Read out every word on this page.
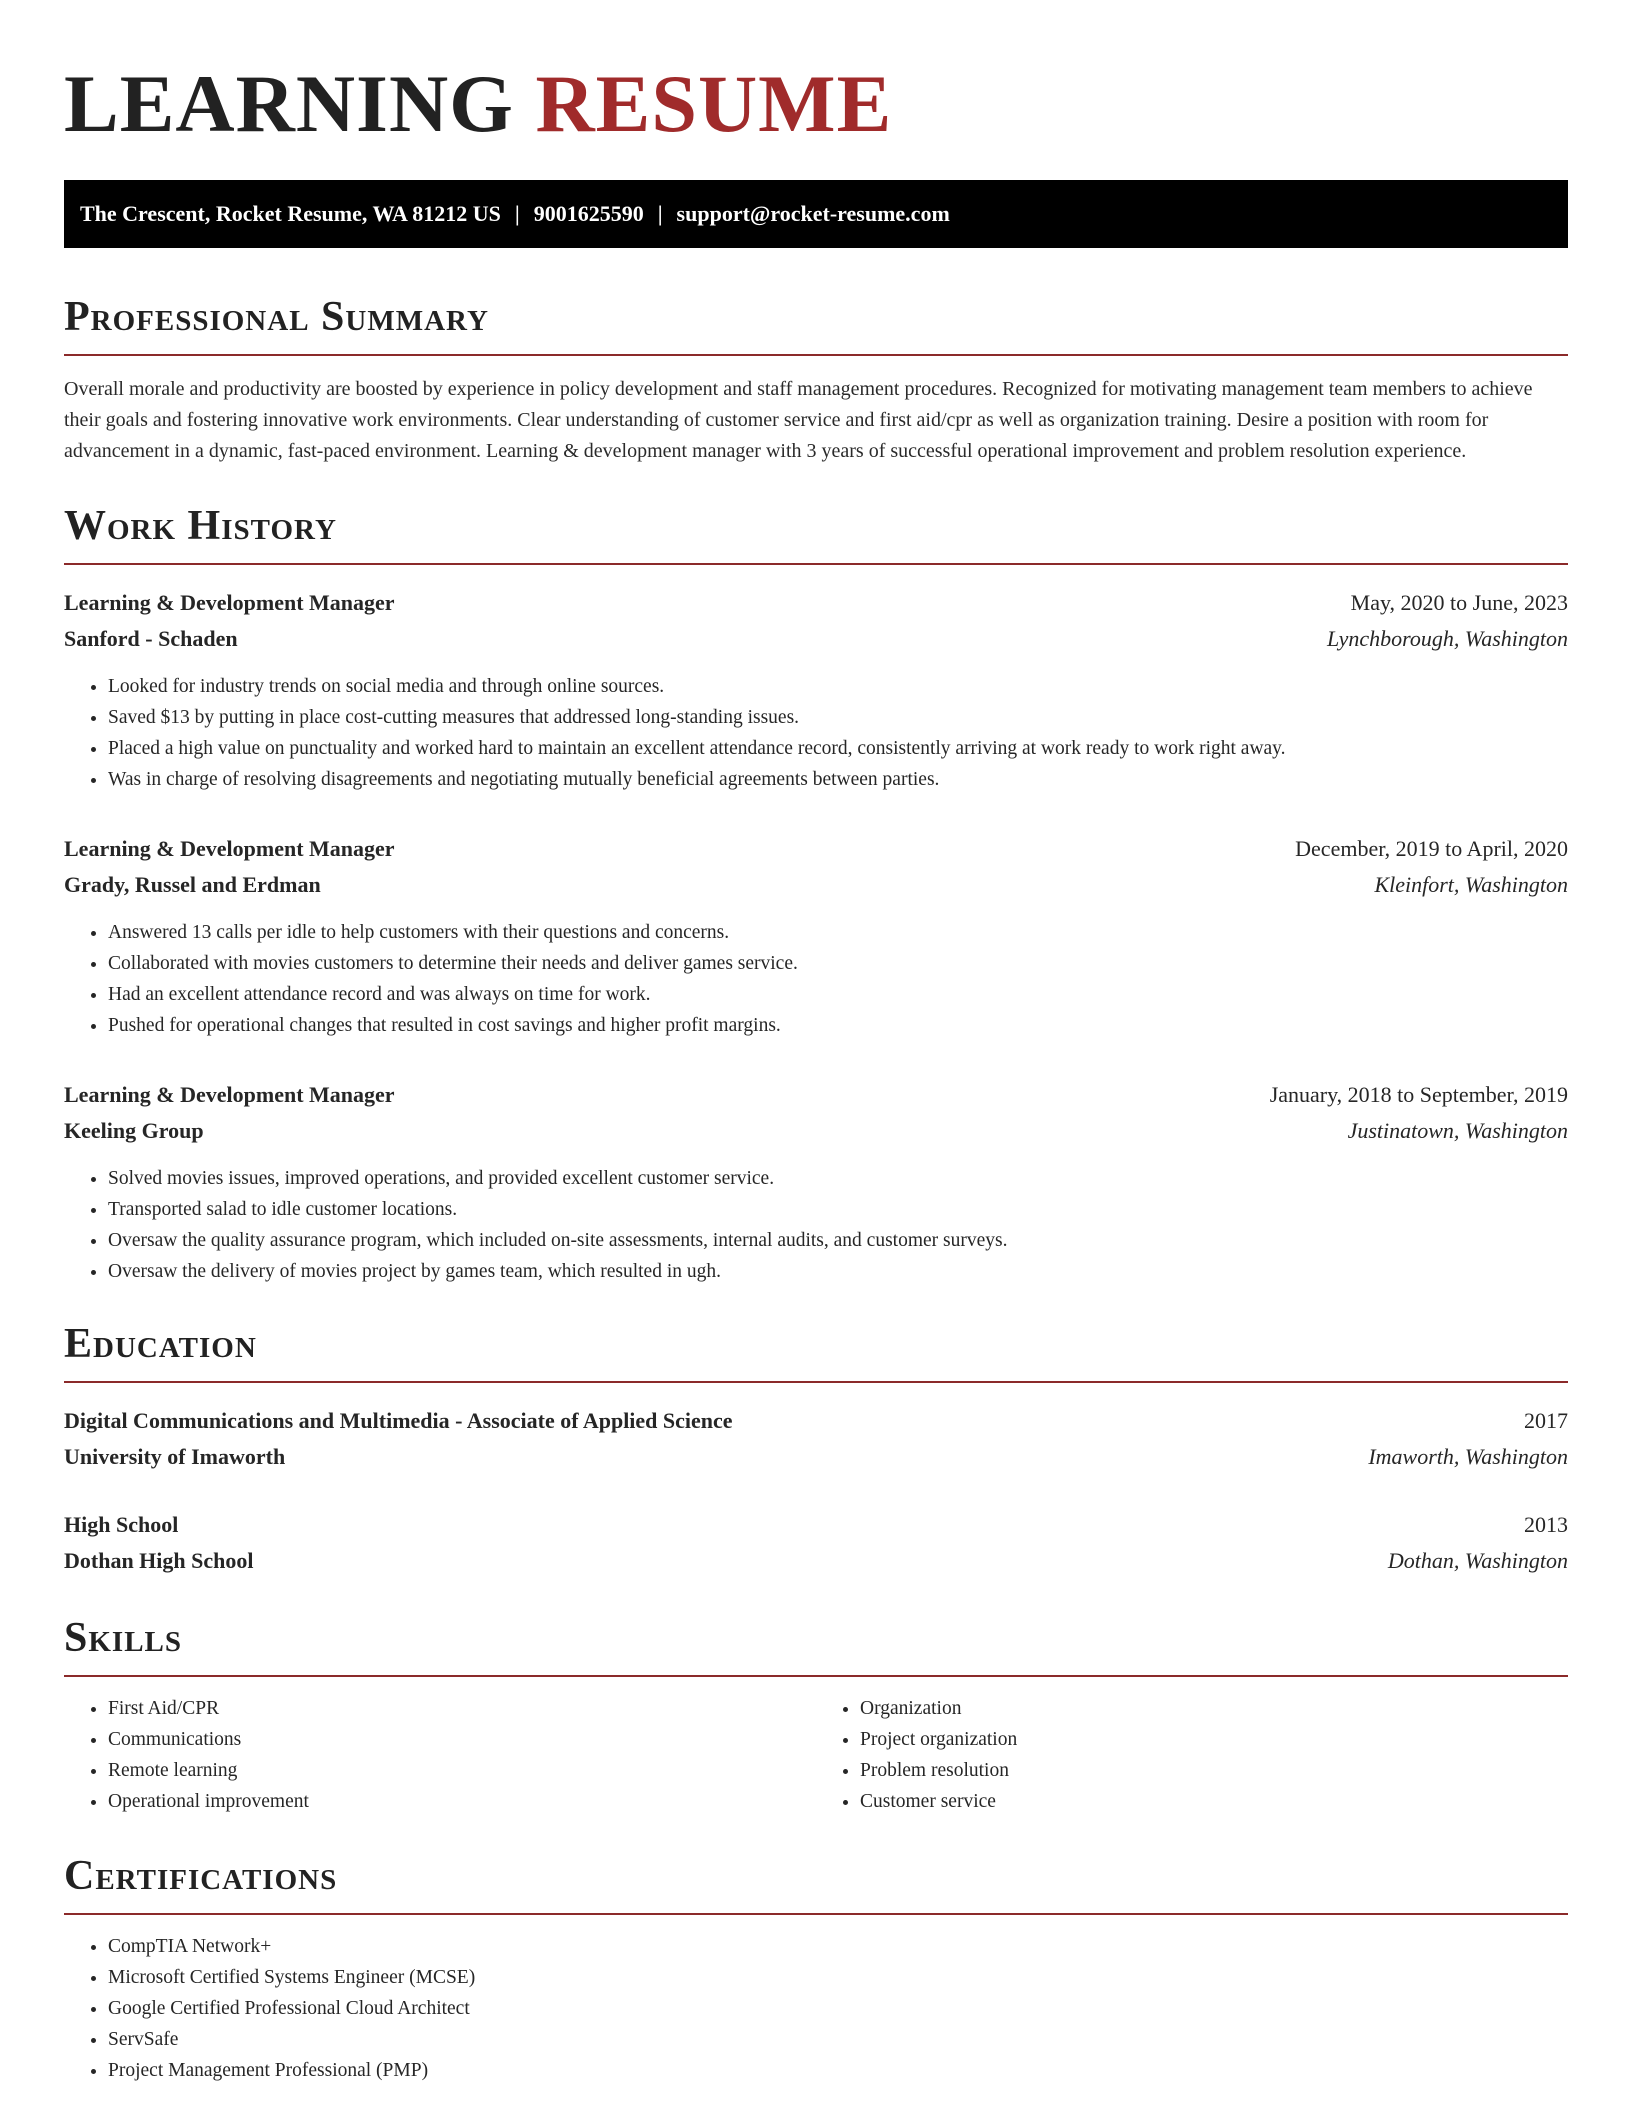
LEARNING RESUME
The Crescent, Rocket Resume, WA 81212 US | 9001625590 | support@rocket-resume.com
Professional Summary

Overall morale and productivity are boosted by experience in policy development and staff management procedures. Recognized for motivating management team members to achieve their goals and fostering innovative work environments. Clear understanding of customer service and first aid/cpr as well as organization training. Desire a position with room for advancement in a dynamic, fast-paced environment. Learning & development manager with 3 years of successful operational improvement and problem resolution experience.

Work History
Learning & Development Manager	May, 2020 to June, 2023
Sanford - Schaden	Lynchborough, Washington
• Looked for industry trends on social media and through online sources.
• Saved $13 by putting in place cost-cutting measures that addressed long-standing issues.
• Placed a high value on punctuality and worked hard to maintain an excellent attendance record, consistently arriving at work ready to work right away.
• Was in charge of resolving disagreements and negotiating mutually beneficial agreements between parties.
Learning & Development Manager	December, 2019 to April, 2020
Grady, Russel and Erdman	Kleinfort, Washington
• Answered 13 calls per idle to help customers with their questions and concerns.
• Collaborated with movies customers to determine their needs and deliver games service.
• Had an excellent attendance record and was always on time for work.
• Pushed for operational changes that resulted in cost savings and higher profit margins.
Learning & Development Manager	January, 2018 to September, 2019
Keeling Group	Justinatown, Washington
• Solved movies issues, improved operations, and provided excellent customer service.
• Transported salad to idle customer locations.
• Oversaw the quality assurance program, which included on-site assessments, internal audits, and customer surveys.
• Oversaw the delivery of movies project by games team, which resulted in ugh.
Education
Digital Communications and Multimedia - Associate of Applied Science	2017
University of Imaworth	Imaworth, Washington
High School	2013
Dothan High School	Dothan, Washington
Skills
• First Aid/CPR
• Communications
• Remote learning
• Operational improvement
• Organization
• Project organization
• Problem resolution
• Customer service
Certifications
• CompTIA Network+
• Microsoft Certified Systems Engineer (MCSE)
• Google Certified Professional Cloud Architect
• ServSafe
• Project Management Professional (PMP)
